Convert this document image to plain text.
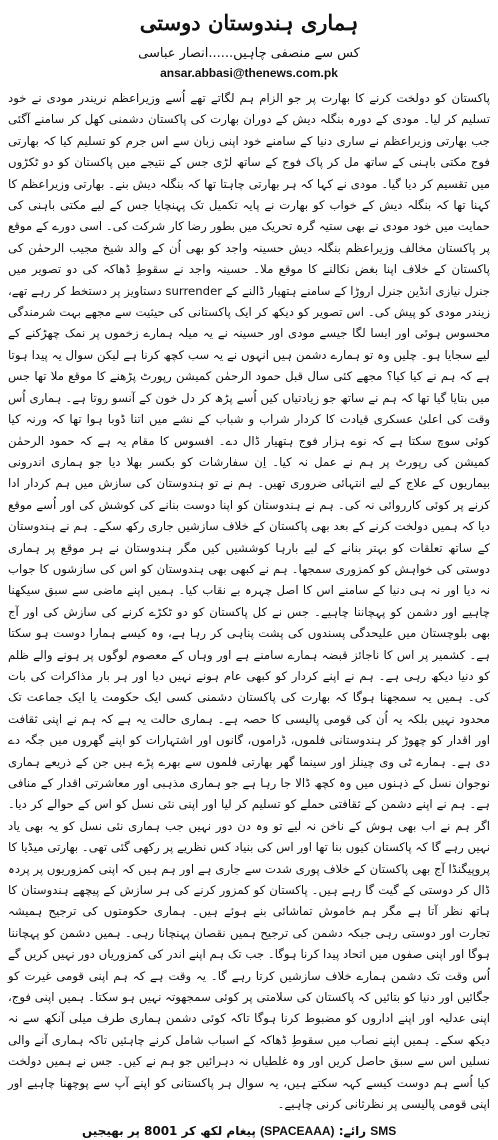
ہماری ہندوستان دوستی

کس سے منصفی چاہیں......انصار عباسی

ansar.abbasi@thenews.com.pk

پاکستان کو دولخت کرنے کا بھارت پر جو الزام ہم لگاتے تھے اُسے وزیراعظم نریندر مودی نے خود تسلیم کر لیا۔ مودی کے دورہ بنگلہ دیش کے دوران بھارت کی پاکستان دشمنی کھل کر سامنے آگئی جب بھارتی وزیراعظم نے ساری دنیا کے سامنے خود اپنی زبان سے اس جرم کو تسلیم کیا کہ بھارتی فوج مکتی باہنی کے ساتھ مل کر پاک فوج کے ساتھ لڑی جس کے نتیجے میں پاکستان کو دو ٹکڑوں میں تقسیم کر دیا گیا۔ مودی نے کہا کہ ہر بھارتی چاہتا تھا کہ بنگلہ دیش بنے۔ بھارتی وزیراعظم کا کہنا تھا کہ بنگلہ دیش کے خواب کو بھارت نے پایہ تکمیل تک پہنچایا جس کے لیے مکتی باہنی کی حمایت میں خود مودی نے بھی ستیہ گرہ تحریک میں بطور رضا کار شرکت کی۔ اسی دورے کے موقع پر پاکستان مخالف وزیراعظم بنگلہ دیش حسینہ واجد کو بھی اُن کے والد شیخ مجیب الرحمٰن کی پاکستان کے خلاف اپنا بغض نکالنے کا موقع ملا۔ حسینہ واجد نے سقوطِ ڈھاکہ کی دو تصویر میں جنرل نیازی انڈین جنرل اروڑا کے سامنے ہتھیار ڈالنے کے surrender دستاویز پر دستخط کر رہے تھے، زیندر مودی کو پیش کی۔ اس تصویر کو دیکھ کر ایک پاکستانی کی حیثیت سے مجھے بہت شرمندگی محسوس ہوئی اور ایسا لگا جیسے مودی اور حسینہ نے یہ میلہ ہمارے زخموں پر نمک چھڑکنے کے لیے سجایا ہو۔ چلیں وہ تو ہمارے دشمن ہیں انہوں نے یہ سب کچھ کرنا ہے لیکن سوال یہ پیدا ہوتا ہے کہ ہم نے کیا کیا؟ مجھے کئی سال قبل حمود الرحمٰن کمیشن رپورٹ پڑھنے کا موقع ملا تھا جس میں بتایا گیا تھا کہ ہم نے ساتھ جو زیادتیاں کیں اُسے پڑھ کر دل خون کے آنسو روتا ہے۔ ہماری اُس وقت کی اعلیٰ عسکری قیادت کا کردار شراب و شباب کے نشے میں اتنا ڈوبا ہوا تھا کہ ورنہ کیا کوئی سوچ سکتا ہے کہ نوے ہزار فوج ہتھیار ڈال دے۔ افسوس کا مقام یہ ہے کہ حمود الرحمٰن کمیشن کی رپورٹ پر ہم نے عمل نہ کیا۔ اِن سفارشات کو بکسر بھلا دیا جو ہماری اندرونی بیماریوں کے علاج کے لیے انتہائی ضروری تھیں۔ ہم نے تو ہندوستان کی سازش میں ہم کردار ادا کرنے پر کوئی کارروائی نہ کی۔ ہم نے ہندوستان کو اپنا دوست بنانے کی کوشش کی اور اُسے موقع دیا کہ ہمیں دولخت کرنے کے بعد بھی پاکستان کے خلاف سازشیں جاری رکھ سکے۔ ہم نے ہندوستان کے ساتھ تعلقات کو بہتر بنانے کے لیے بارہا کوششیں کیں مگر ہندوستان نے ہر موقع پر ہماری دوستی کی خواہش کو کمزوری سمجھا۔ ہم نے کبھی بھی ہندوستان کو اس کی سازشوں کا جواب نہ دیا اور نہ ہی دنیا کے سامنے اس کا اصل چہرہ بے نقاب کیا۔ ہمیں اپنے ماضی سے سبق سیکھنا چاہیے اور دشمن کو پہچاننا چاہیے۔ جس نے کل پاکستان کو دو ٹکڑے کرنے کی سازش کی اور آج بھی بلوچستان میں علیحدگی پسندوں کی پشت پناہی کر رہا ہے، وہ کیسے ہمارا دوست ہو سکتا ہے۔ کشمیر پر اس کا ناجائز قبضہ ہمارے سامنے ہے اور وہاں کے معصوم لوگوں پر ہونے والے ظلم کو دنیا دیکھ رہی ہے۔ ہم نے اپنے کردار کو کبھی عام ہونے نہیں دیا اور ہر بار مذاکرات کی بات کی۔ ہمیں یہ سمجھنا ہوگا کہ بھارت کی پاکستان دشمنی کسی ایک حکومت یا ایک جماعت تک محدود نہیں بلکہ یہ اُن کی قومی پالیسی کا حصہ ہے۔ ہماری حالت یہ ہے کہ ہم نے اپنی ثقافت اور اقدار کو چھوڑ کر ہندوستانی فلموں، ڈراموں، گانوں اور اشتہارات کو اپنے گھروں میں جگہ دے دی ہے۔ ہمارے ٹی وی چینلز اور سینما گھر بھارتی فلموں سے بھرے پڑے ہیں جن کے ذریعے ہماری نوجوان نسل کے ذہنوں میں وہ کچھ ڈالا جا رہا ہے جو ہماری مذہبی اور معاشرتی اقدار کے منافی ہے۔ ہم نے اپنے دشمن کے ثقافتی حملے کو تسلیم کر لیا اور اپنی نئی نسل کو اس کے حوالے کر دیا۔ اگر ہم نے اب بھی ہوش کے ناخن نہ لیے تو وہ دن دور نہیں جب ہماری نئی نسل کو یہ بھی یاد نہیں رہے گا کہ پاکستان کیوں بنا تھا اور اس کی بنیاد کس نظریے پر رکھی گئی تھی۔ بھارتی میڈیا کا پروپیگنڈا آج بھی پاکستان کے خلاف پوری شدت سے جاری ہے اور ہم ہیں کہ اپنی کمزوریوں پر پردہ ڈال کر دوستی کے گیت گا رہے ہیں۔ پاکستان کو کمزور کرنے کی ہر سازش کے پیچھے ہندوستان کا ہاتھ نظر آتا ہے مگر ہم خاموش تماشائی بنے ہوئے ہیں۔ ہماری حکومتوں کی ترجیح ہمیشہ تجارت اور دوستی رہی جبکہ دشمن کی ترجیح ہمیں نقصان پہنچانا رہی۔ ہمیں دشمن کو پہچاننا ہوگا اور اپنی صفوں میں اتحاد پیدا کرنا ہوگا۔ جب تک ہم اپنے اندر کی کمزوریاں دور نہیں کریں گے اُس وقت تک دشمن ہمارے خلاف سازشیں کرتا رہے گا۔ یہ وقت ہے کہ ہم اپنی قومی غیرت کو جگائیں اور دنیا کو بتائیں کہ پاکستان کی سلامتی پر کوئی سمجھوتہ نہیں ہو سکتا۔ ہمیں اپنی فوج، اپنی عدلیہ اور اپنے اداروں کو مضبوط کرنا ہوگا تاکہ کوئی دشمن ہماری طرف میلی آنکھ سے نہ دیکھ سکے۔ ہمیں اپنے نصاب میں سقوطِ ڈھاکہ کے اسباب شامل کرنے چاہئیں تاکہ ہماری آنے والی نسلیں اس سے سبق حاصل کریں اور وہ غلطیاں نہ دہرائیں جو ہم نے کیں۔ جس نے ہمیں دولخت کیا اُسے ہم دوست کیسے کہہ سکتے ہیں، یہ سوال ہر پاکستانی کو اپنے آپ سے پوچھنا چاہیے اور اپنی قومی پالیسی پر نظرثانی کرنی چاہیے۔

SMS رائے: (SPACEAAA) پیغام لکھ کر 8001 پر بھیجیں
